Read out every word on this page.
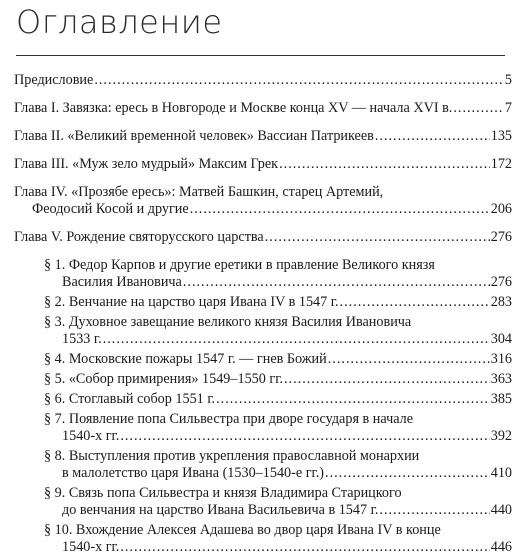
Оглавление
Предисловие .....	5
Глава I. Завязка: ересь в Новгороде и Москве конца XV — начала XVI в. .....	7
Глава II. «Великий временной человек» Вассиан Патрикеев .....	135
Глава III. «Муж зело мудрый» Максим Грек .....	172
Глава IV. «Прозябе ересь»: Матвей Башкин, старец Артемий,
Феодосий Косой и другие .....	206
Глава V. Рождение святорусского царства .....	276
§ 1. Федор Карпов и другие еретики в правление Великого князя
Василия Ивановича .....	276
§ 2. Венчание на царство царя Ивана IV в 1547 г. .....	283
§ 3. Духовное завещание великого князя Василия Ивановича
1533 г. .....	304
§ 4. Московские пожары 1547 г. — гнев Божий .....	316
§ 5. «Собор примирения» 1549–1550 гг. .....	363
§ 6. Стоглавый собор 1551 г. .....	385
§ 7. Появление попа Сильвестра при дворе государя в начале
1540-х гг. .....	392
§ 8. Выступления против укрепления православной монархии
в малолетство царя Ивана (1530–1540-е гг.) .....	410
§ 9. Связь попа Сильвестра и князя Владимира Старицкого
до венчания на царство Ивана Васильевича в 1547 г. .....	440
§ 10. Вхождение Алексея Адашева во двор царя Ивана IV в конце
1540-х гг. .....	446
